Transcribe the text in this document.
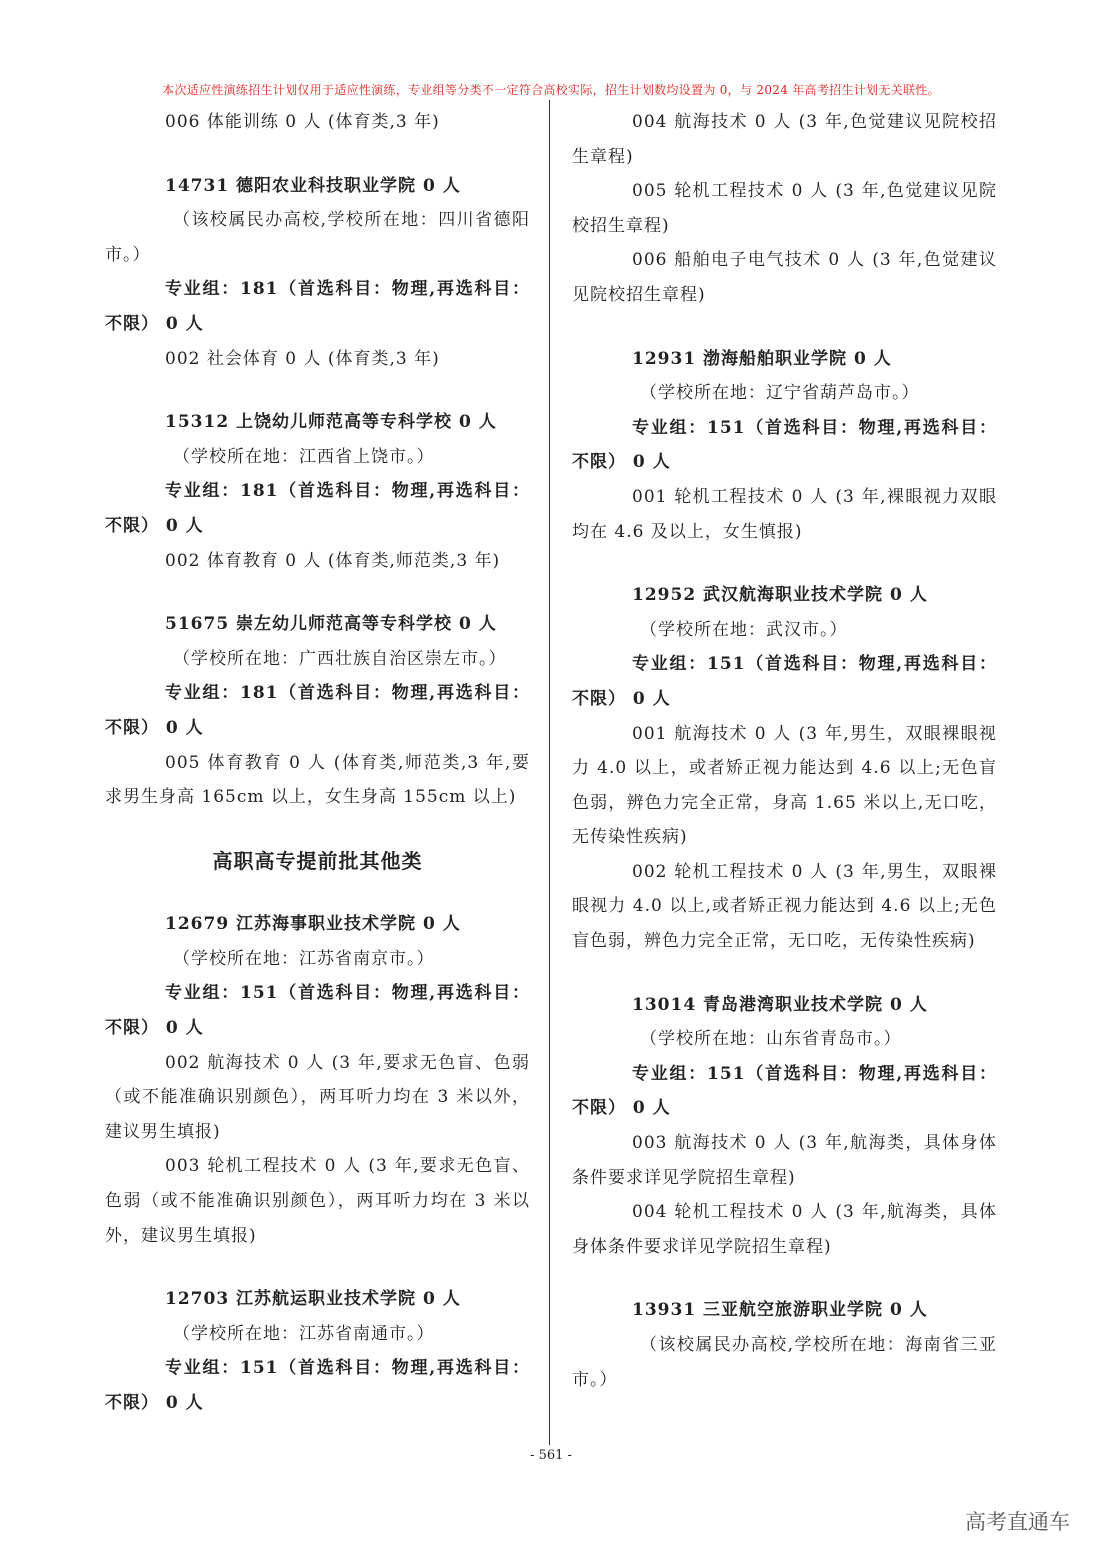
本次适应性演练招生计划仅用于适应性演练，专业组等分类不一定符合高校实际，招生计划数均设置为 0，与 2024 年高考招生计划无关联性。
006 体能训练 0 人 (体育类,3 年)
14731 德阳农业科技职业学院 0 人
（该校属民办高校,学校所在地：四川省德阳市。）
专业组：181（首选科目：物理,再选科目：不限） 0 人
002 社会体育 0 人 (体育类,3 年)
15312 上饶幼儿师范高等专科学校 0 人
（学校所在地：江西省上饶市。）
专业组：181（首选科目：物理,再选科目：不限） 0 人
002 体育教育 0 人 (体育类,师范类,3 年)
51675 崇左幼儿师范高等专科学校 0 人
（学校所在地：广西壮族自治区崇左市。）
专业组：181（首选科目：物理,再选科目：不限） 0 人
005 体育教育 0 人 (体育类,师范类,3 年,要求男生身高 165cm 以上，女生身高 155cm 以上)
高职高专提前批其他类
12679 江苏海事职业技术学院 0 人
（学校所在地：江苏省南京市。）
专业组：151（首选科目：物理,再选科目：不限） 0 人
002 航海技术 0 人 (3 年,要求无色盲、色弱（或不能准确识别颜色），两耳听力均在 3 米以外，建议男生填报)
003 轮机工程技术 0 人 (3 年,要求无色盲、色弱（或不能准确识别颜色），两耳听力均在 3 米以外，建议男生填报)
12703 江苏航运职业技术学院 0 人
（学校所在地：江苏省南通市。）
专业组：151（首选科目：物理,再选科目：不限） 0 人
004 航海技术 0 人 (3 年,色觉建议见院校招生章程)
005 轮机工程技术 0 人 (3 年,色觉建议见院校招生章程)
006 船舶电子电气技术 0 人 (3 年,色觉建议见院校招生章程)
12931 渤海船舶职业学院 0 人
（学校所在地：辽宁省葫芦岛市。）
专业组：151（首选科目：物理,再选科目：不限） 0 人
001 轮机工程技术 0 人 (3 年,裸眼视力双眼均在 4.6 及以上，女生慎报)
12952 武汉航海职业技术学院 0 人
（学校所在地：武汉市。）
专业组：151（首选科目：物理,再选科目：不限） 0 人
001 航海技术 0 人 (3 年,男生，双眼裸眼视力 4.0 以上，或者矫正视力能达到 4.6 以上;无色盲色弱，辨色力完全正常，身高 1.65 米以上,无口吃，无传染性疾病)
002 轮机工程技术 0 人 (3 年,男生，双眼裸眼视力 4.0 以上,或者矫正视力能达到 4.6 以上;无色盲色弱，辨色力完全正常，无口吃，无传染性疾病)
13014 青岛港湾职业技术学院 0 人
（学校所在地：山东省青岛市。）
专业组：151（首选科目：物理,再选科目：不限） 0 人
003 航海技术 0 人 (3 年,航海类，具体身体条件要求详见学院招生章程)
004 轮机工程技术 0 人 (3 年,航海类，具体身体条件要求详见学院招生章程)
13931 三亚航空旅游职业学院 0 人
（该校属民办高校,学校所在地：海南省三亚市。）
- 561 -
高考直通车
